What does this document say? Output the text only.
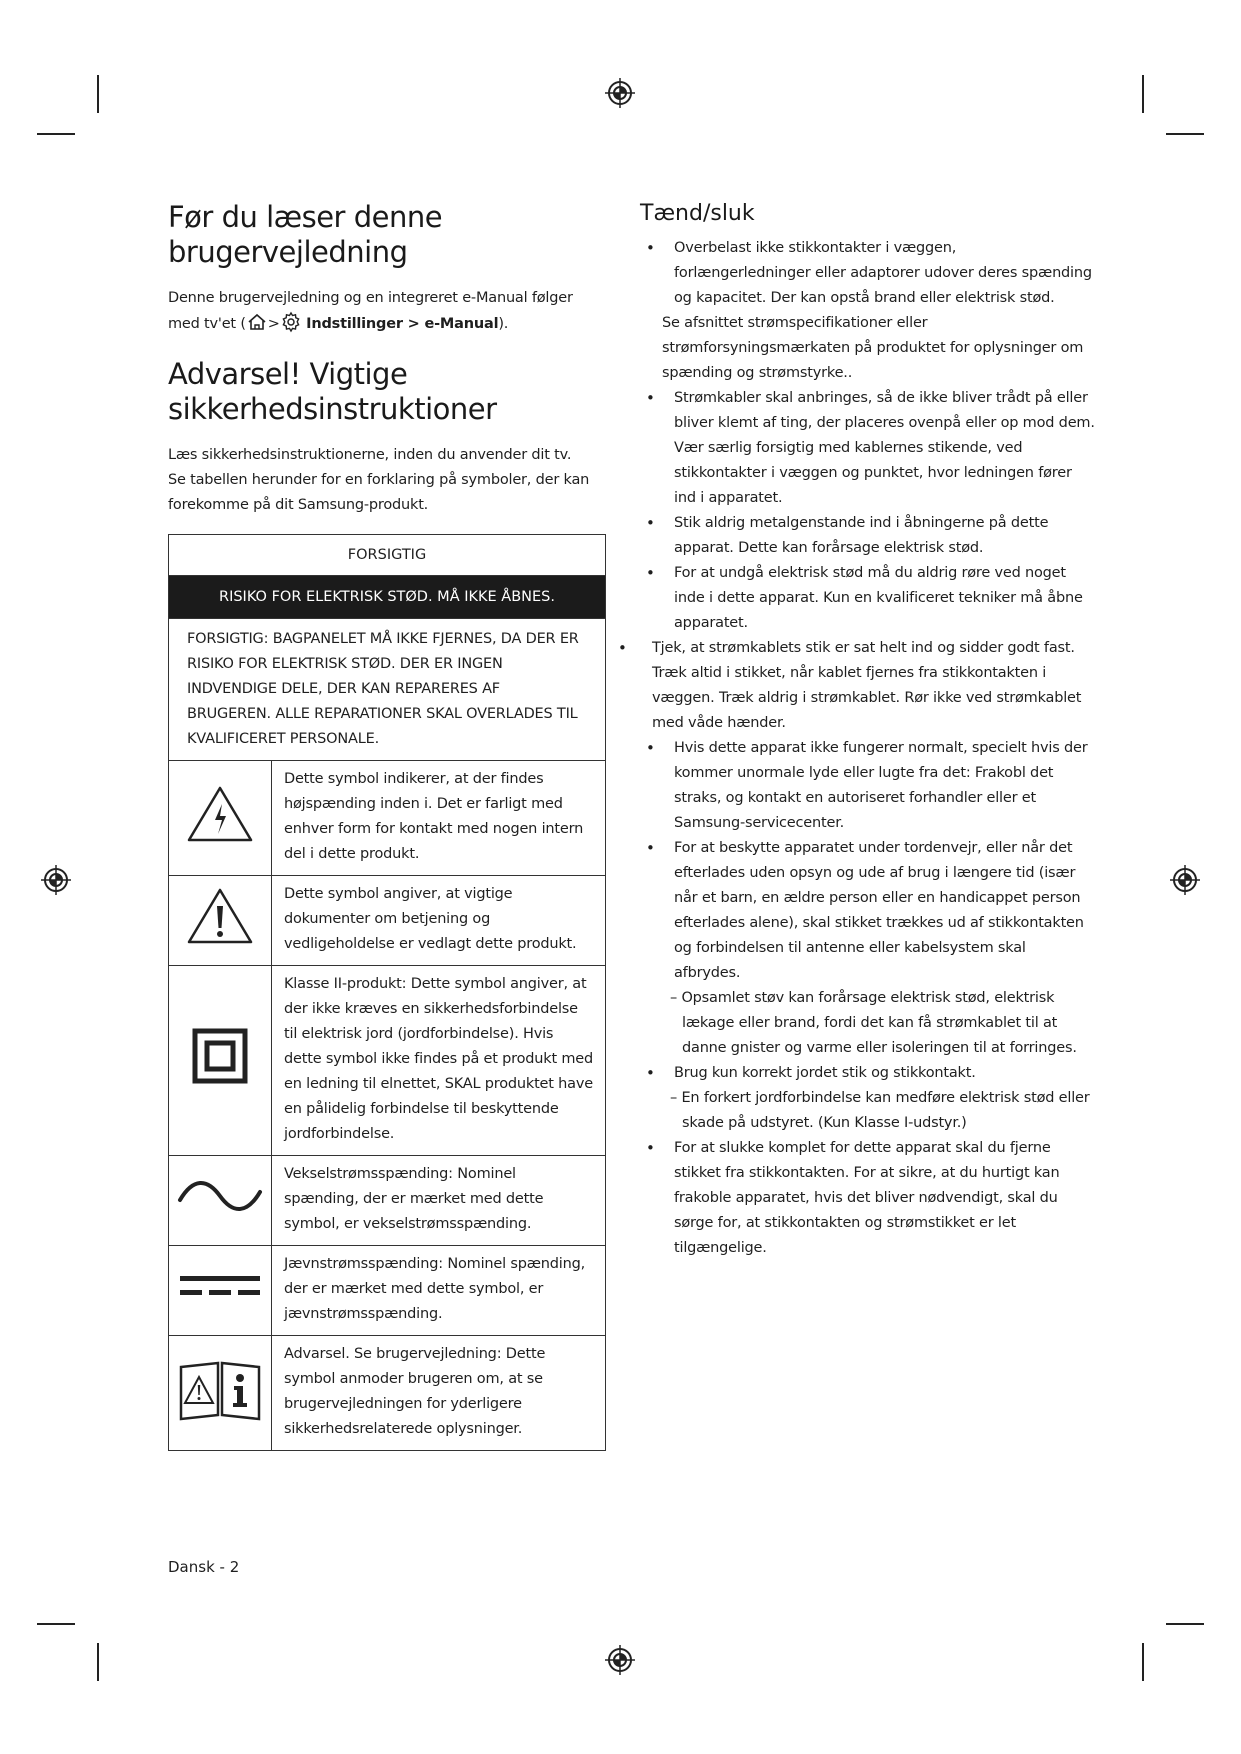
Før du læser denne brugervejledning

Denne brugervejledning og en integreret e-Manual følger med tv'et ( > Indstillinger > e-Manual).

Advarsel! Vigtige sikkerhedsinstruktioner

Læs sikkerhedsinstruktionerne, inden du anvender dit tv.

Se tabellen herunder for en forklaring på symboler, der kan forekomme på dit Samsung-produkt.

FORSIGTIG	
RISIKO FOR ELEKTRISK STØD. MÅ IKKE ÅBNES.	
FORSIGTIG: BAGPANELET MÅ IKKE FJERNES, DA DER ER RISIKO FOR ELEKTRISK STØD. DER ER INGEN INDVENDIGE DELE, DER KAN REPARERES AF BRUGEREN. ALLE REPARATIONER SKAL OVERLADES TIL KVALIFICERET PERSONALE.	
	Dette symbol indikerer, at der findes højspænding inden i. Det er farligt med enhver form for kontakt med nogen intern del i dette produkt.
	Dette symbol angiver, at vigtige dokumenter om betjening og vedligeholdelse er vedlagt dette produkt.
	Klasse II-produkt: Dette symbol angiver, at der ikke kræves en sikkerhedsforbindelse til elektrisk jord (jordforbindelse). Hvis dette symbol ikke findes på et produkt med en ledning til elnettet, SKAL produktet have en pålidelig forbindelse til beskyttende jordforbindelse.
	Vekselstrømsspænding: Nominel spænding, der er mærket med dette symbol, er vekselstrømsspænding.
	Jævnstrømsspænding: Nominel spænding, der er mærket med dette symbol, er jævnstrømsspænding.
	Advarsel. Se brugervejledning: Dette symbol anmoder brugeren om, at se brugervejledningen for yderligere sikkerhedsrelaterede oplysninger.
Tænd/sluk
• Overbelast ikke stikkontakter i væggen, forlængerledninger eller adaptorer udover deres spænding og kapacitet. Der kan opstå brand eller elektrisk stød.
Se afsnittet strømspecifikationer eller strømforsyningsmærkaten på produktet for oplysninger om spænding og strømstyrke..
• Strømkabler skal anbringes, så de ikke bliver trådt på eller bliver klemt af ting, der placeres ovenpå eller op mod dem. Vær særlig forsigtig med kablernes stikende, ved stikkontakter i væggen og punktet, hvor ledningen fører ind i apparatet.
• Stik aldrig metalgenstande ind i åbningerne på dette apparat. Dette kan forårsage elektrisk stød.
• For at undgå elektrisk stød må du aldrig røre ved noget inde i dette apparat. Kun en kvalificeret tekniker må åbne apparatet.
• Tjek, at strømkablets stik er sat helt ind og sidder godt fast. Træk altid i stikket, når kablet fjernes fra stikkontakten i væggen. Træk aldrig i strømkablet. Rør ikke ved strømkablet med våde hænder.
• Hvis dette apparat ikke fungerer normalt, specielt hvis der kommer unormale lyde eller lugte fra det: Frakobl det straks, og kontakt en autoriseret forhandler eller et Samsung-servicecenter.
• For at beskytte apparatet under tordenvejr, eller når det efterlades uden opsyn og ude af brug i længere tid (især når et barn, en ældre person eller en handicappet person efterlades alene), skal stikket trækkes ud af stikkontakten og forbindelsen til antenne eller kabelsystem skal afbrydes.
– Opsamlet støv kan forårsage elektrisk stød, elektrisk lækage eller brand, fordi det kan få strømkablet til at danne gnister og varme eller isoleringen til at forringes.
• Brug kun korrekt jordet stik og stikkontakt.
– En forkert jordforbindelse kan medføre elektrisk stød eller skade på udstyret. (Kun Klasse I-udstyr.)
• For at slukke komplet for dette apparat skal du fjerne stikket fra stikkontakten. For at sikre, at du hurtigt kan frakoble apparatet, hvis det bliver nødvendigt, skal du sørge for, at stikkontakten og strømstikket er let tilgængelige.
Dansk - 2
